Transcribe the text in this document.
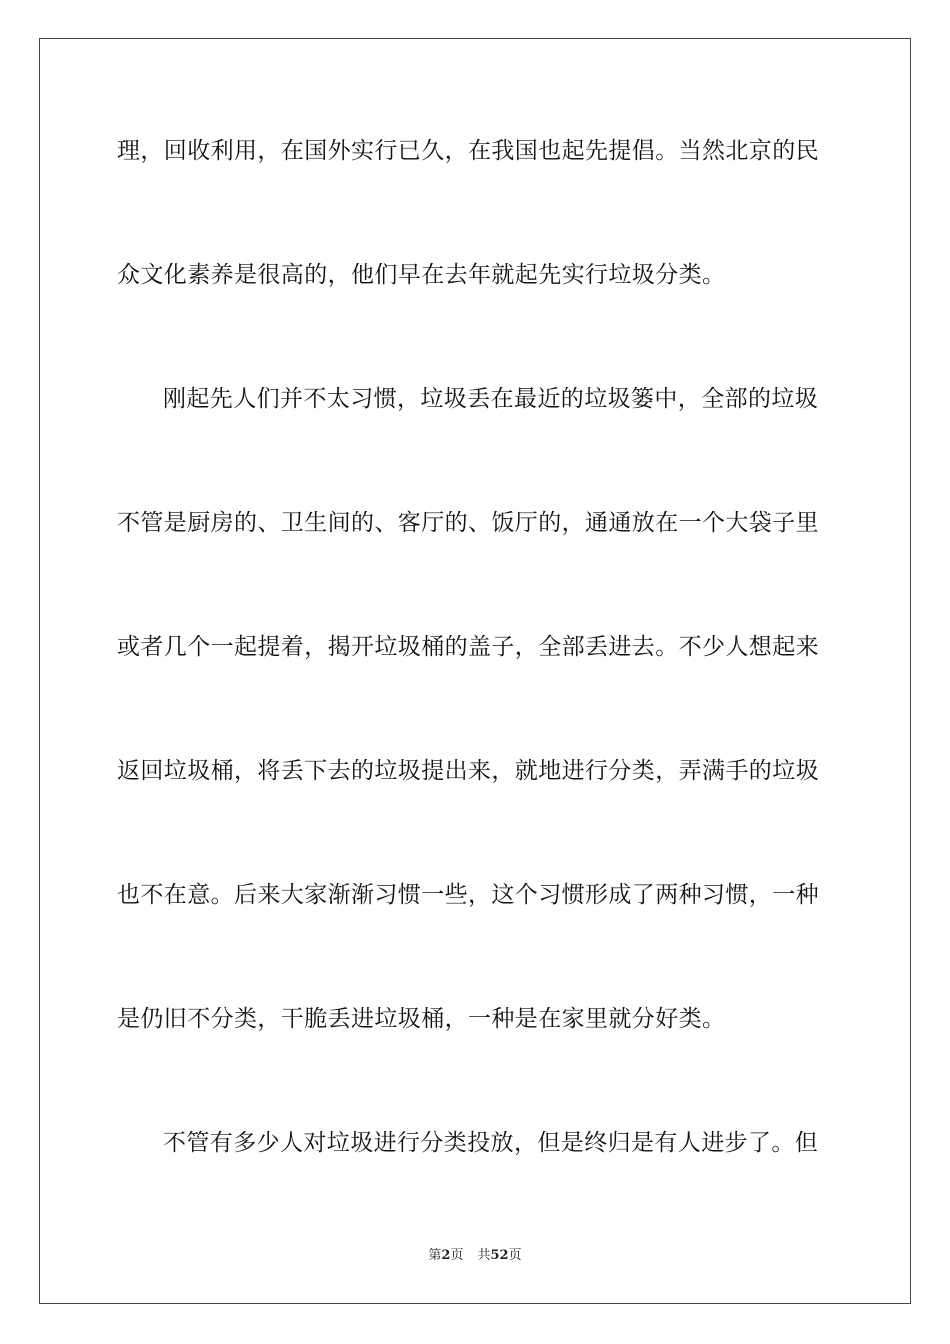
理，回收利用，在国外实行已久，在我国也起先提倡。当然北京的民
众文化素养是很高的，他们早在去年就起先实行垃圾分类。
刚起先人们并不太习惯，垃圾丢在最近的垃圾篓中，全部的垃圾
不管是厨房的、卫生间的、客厅的、饭厅的，通通放在一个大袋子里
或者几个一起提着，揭开垃圾桶的盖子，全部丢进去。不少人想起来
返回垃圾桶，将丢下去的垃圾提出来，就地进行分类，弄满手的垃圾
也不在意。后来大家渐渐习惯一些，这个习惯形成了两种习惯，一种
是仍旧不分类，干脆丢进垃圾桶，一种是在家里就分好类。
不管有多少人对垃圾进行分类投放，但是终归是有人进步了。但
第2页 共52页
